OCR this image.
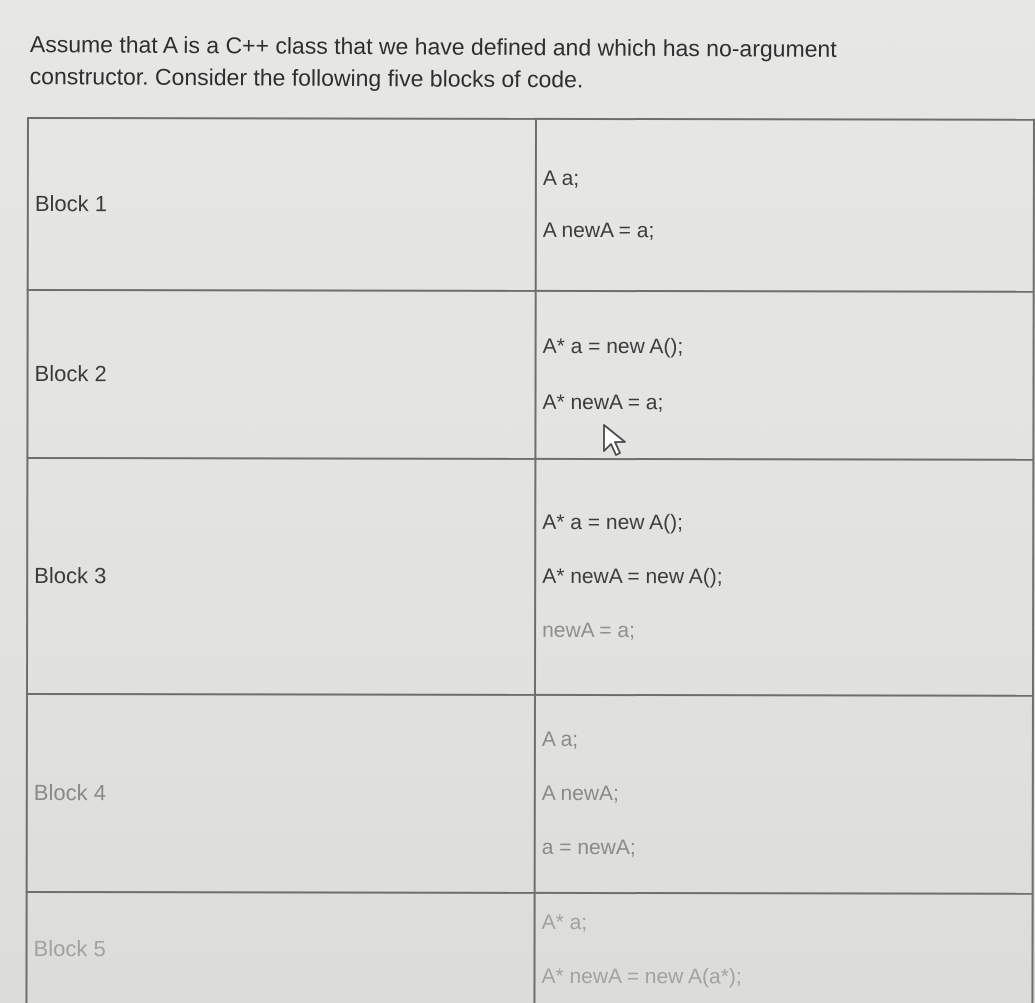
Assume that A is a C++ class that we have defined and which has no-argument

constructor. Consider the following five blocks of code.

Block 1	A a;

A newA = a;

Block 2	A* a = new A();

A* newA = a;

Block 3	A* a = new A();

A* newA = new A();

newA = a;

Block 4	A a;

A newA;

a = newA;

Block 5	A* a;

A* newA = new A(a*);
